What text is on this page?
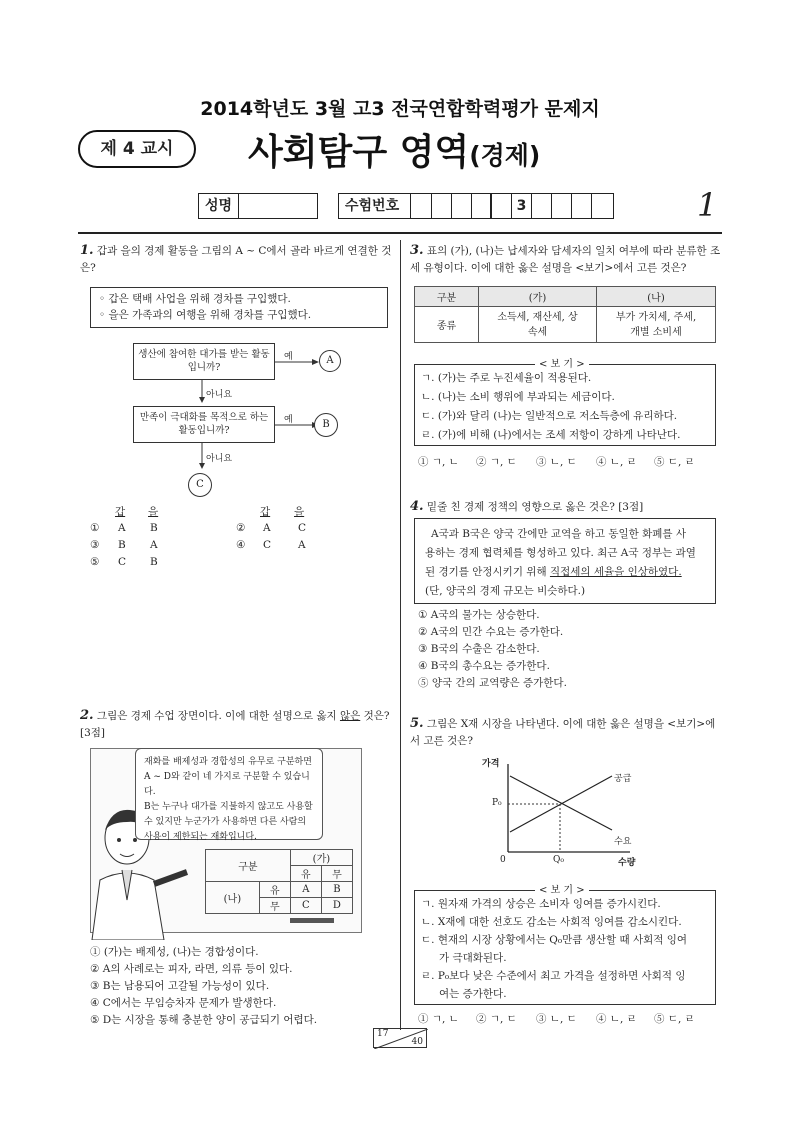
2014학년도 3월 고3 전국연합학력평가 문제지
제 4 교시	사회탐구 영역(경제)
성명	수험번호	3	1
1. 갑과 을의 경제 활동을 그림의 A ~ C에서 골라 바르게 연결한 것은?
◦ 갑은 택배 사업을 위해 경차를 구입했다.
◦ 을은 가족과의 여행을 위해 경차를 구입했다.
생산에 참여한 대가를 받는 활동입니까?
A
예
아니요
만족이 극대화를 목적으로 하는 활동입니까?
B
예
아니요
C
갑 을	갑 을
① A B	② A	C
③ B A	④ C	A
⑤ C B
2. 그림은 경제 수업 장면이다. 이에 대한 설명으로 옳지 않은 것은? [3점]
재화를 배제성과 경합성의 유무로 구분하면
A ~ D와 같이 네 가지로 구분할 수 있습니다.
B는 누구나 대가를 지불하지 않고도 사용할
수 있지만 누군가가 사용하면 다른 사람의
사용이 제한되는 재화입니다.
구분		(가)	
		유	무
(나)	유	A	B
	무	C	D
① (가)는 배제성, (나)는 경합성이다.
② A의 사례로는 피자, 라면, 의류 등이 있다.
③ B는 남용되어 고갈될 가능성이 있다.
④ C에서는 무임승차자 문제가 발생한다.
⑤ D는 시장을 통해 충분한 양이 공급되기 어렵다.
3. 표의 (가), (나)는 납세자와 담세자의 일치 여부에 따라 분류한 조세 유형이다. 이에 대한 옳은 설명을 <보기>에서 고른 것은?
구분	(가)	(나)
종류	소득세, 재산세, 상속세	부가 가치세, 주세, 개별 소비세
ㄱ. (가)는 주로 누진세율이 적용된다.
ㄴ. (나)는 소비 행위에 부과되는 세금이다.
ㄷ. (가)와 달리 (나)는 일반적으로 저소득층에 유리하다.
ㄹ. (가)에 비해 (나)에서는 조세 저항이 강하게 나타난다.
< 보 기 >
① ㄱ, ㄴ ② ㄱ, ㄷ ③ ㄴ, ㄷ ④ ㄴ, ㄹ ⑤ ㄷ, ㄹ
4. 밑줄 친 경제 정책의 영향으로 옳은 것은? [3점]
A국과 B국은 양국 간에만 교역을 하고 동일한 화폐를 사
용하는 경제 협력체를 형성하고 있다. 최근 A국 정부는 과열
된 경기를 안정시키기 위해 직접세의 세율을 인상하였다.
(단, 양국의 경제 규모는 비슷하다.)
① A국의 물가는 상승한다.
② A국의 민간 수요는 증가한다.
③ B국의 수출은 감소한다.
④ B국의 총수요는 증가한다.
⑤ 양국 간의 교역량은 증가한다.
5. 그림은 X재 시장을 나타낸다. 이에 대한 옳은 설명을 <보기>에서 고른 것은?
가격
공급
수요
P₀
Q₀
0	수량
ㄱ. 원자재 가격의 상승은 소비자 잉여를 증가시킨다.
ㄴ. X재에 대한 선호도 감소는 사회적 잉여를 감소시킨다.
ㄷ. 현재의 시장 상황에서는 Q₀만큼 생산할 때 사회적 잉여
가 극대화된다.
ㄹ. P₀보다 낮은 수준에서 최고 가격을 설정하면 사회적 잉
여는 증가한다.
< 보 기 >
① ㄱ, ㄴ ② ㄱ, ㄷ ③ ㄴ, ㄷ ④ ㄴ, ㄹ ⑤ ㄷ, ㄹ
17
40
